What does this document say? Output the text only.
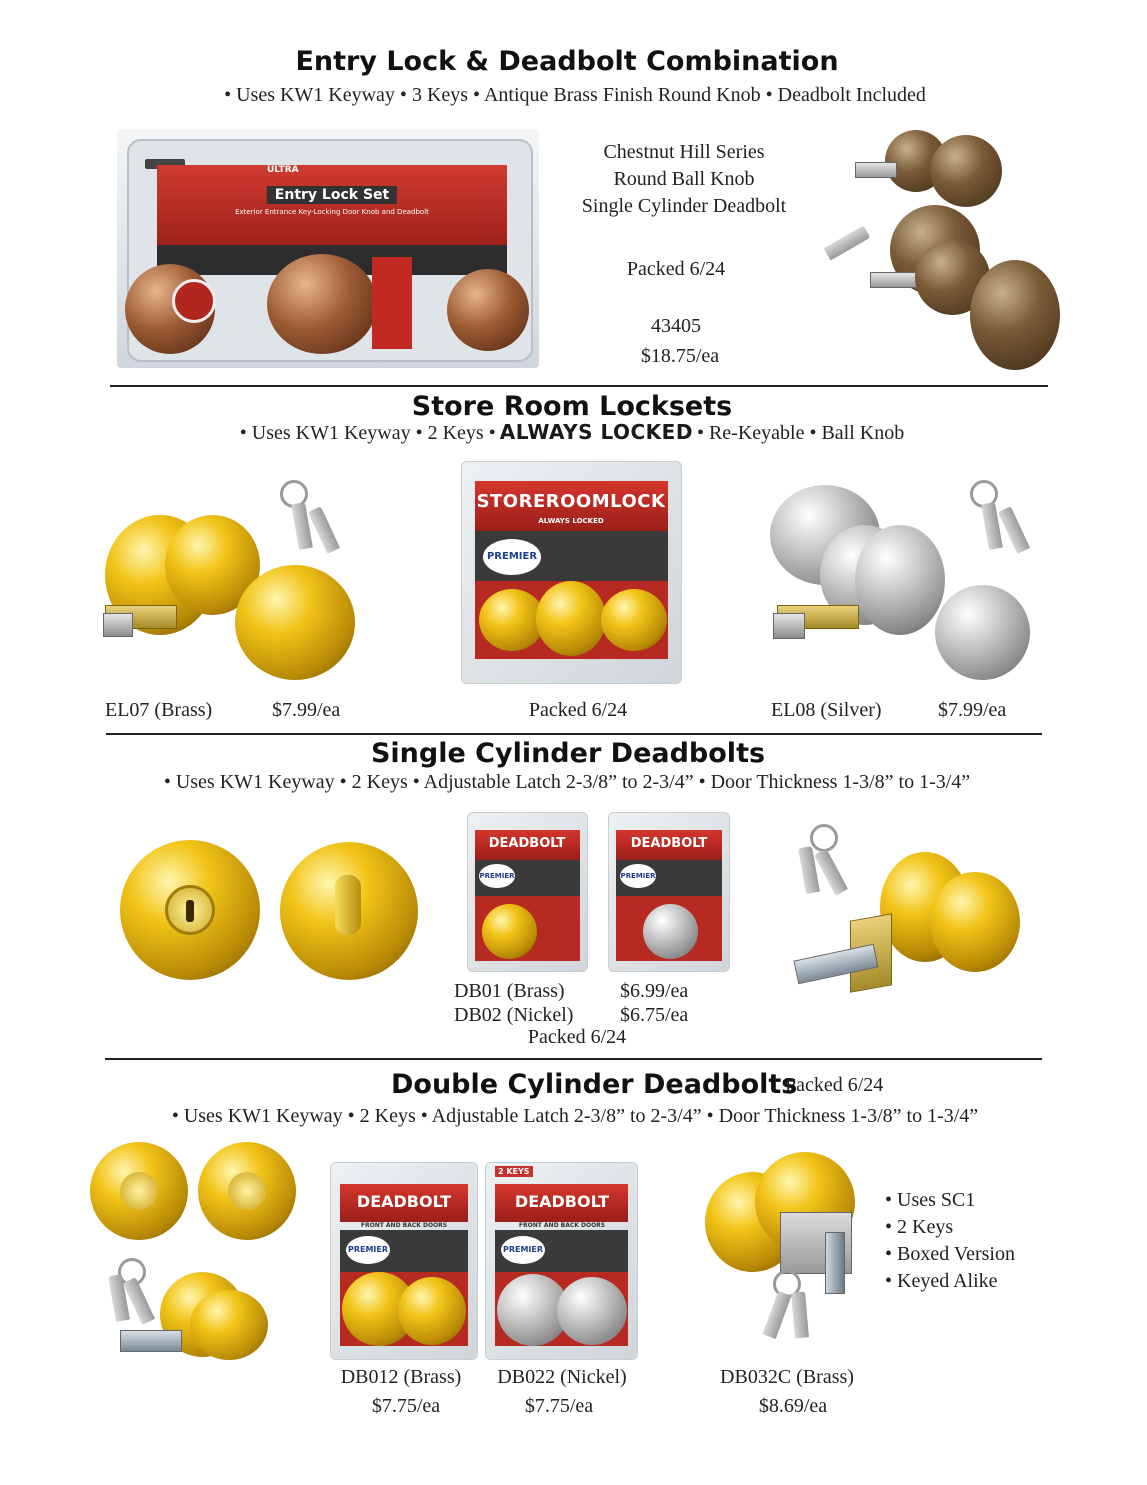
Entry Lock & Deadbolt Combination
• Uses KW1 Keyway • 3 Keys • Antique Brass Finish Round Knob • Deadbolt Included
ULTRA
Entry Lock Set
Exterior Entrance Key-Locking Door Knob and Deadbolt
Chestnut Hill Series
Round Ball Knob
Single Cylinder Deadbolt
Packed 6/24
43405
$18.75/ea
Store Room Locksets
• Uses KW1 Keyway • 2 Keys • ALWAYS LOCKED • Re-Keyable • Ball Knob
STOREROOMLOCK
ALWAYS LOCKED
PREMIER
EL07 (Brass)	$7.99/ea	Packed 6/24	EL08 (Silver)	$7.99/ea
Single Cylinder Deadbolts
• Uses KW1 Keyway • 2 Keys • Adjustable Latch 2-3/8” to 2-3/4” • Door Thickness 1-3/8” to 1-3/4”
DEADBOLT
PREMIER
DEADBOLT
PREMIER
DB01 (Brass)	$6.99/ea
DB02 (Nickel) $6.75/ea
Packed 6/24
Double Cylinder Deadbolts
Packed 6/24
• Uses KW1 Keyway • 2 Keys • Adjustable Latch 2-3/8” to 2-3/4” • Door Thickness 1-3/8” to 1-3/4”
DEADBOLT
FRONT AND BACK DOORS
PREMIER
2 KEYS
DEADBOLT
FRONT AND BACK DOORS
PREMIER
• Uses SC1
• 2 Keys
• Boxed Version
• Keyed Alike
DB012 (Brass)
$7.75/ea
DB022 (Nickel)
$7.75/ea
DB032C (Brass)
$8.69/ea
